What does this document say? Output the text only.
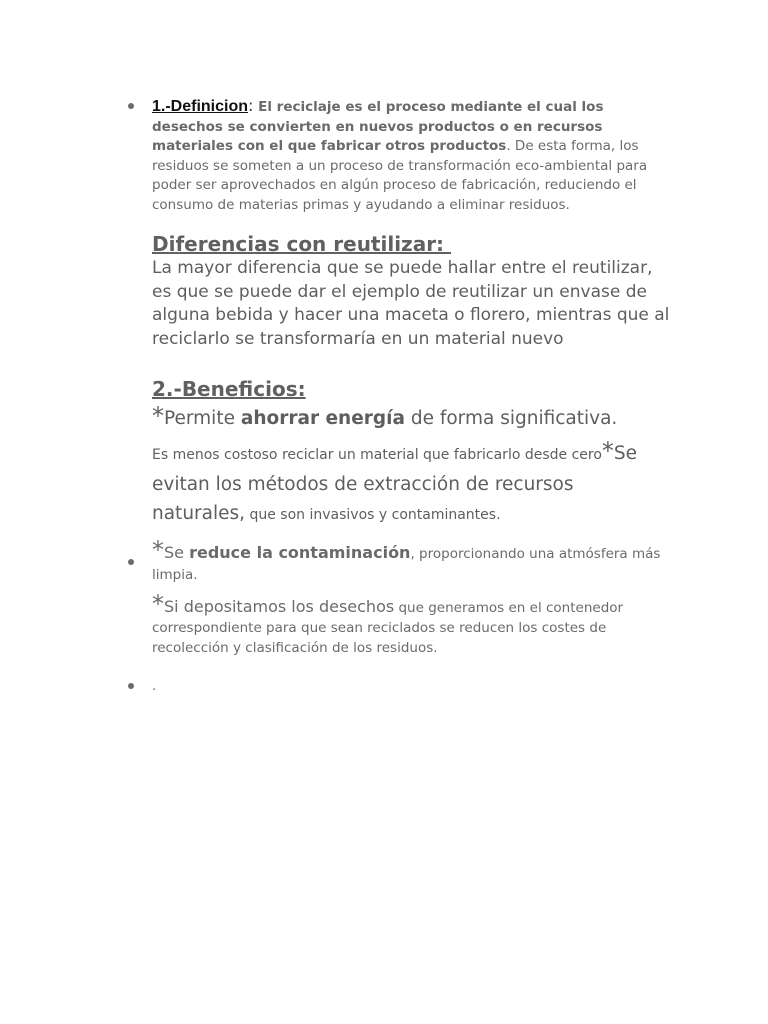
1.-Definicion: El reciclaje es el proceso mediante el cual los desechos se convierten en nuevos productos o en recursos materiales con el que fabricar otros productos. De esta forma, los residuos se someten a un proceso de transformación eco-ambiental para poder ser aprovechados en algún proceso de fabricación, reduciendo el consumo de materias primas y ayudando a eliminar residuos.
Diferencias con reutilizar:
La mayor diferencia que se puede hallar entre el reutilizar, es que se puede dar el ejemplo de reutilizar un envase de alguna bebida y hacer una maceta o florero, mientras que al reciclarlo se transformaría en un material nuevo
2.-Beneficios:
*Permite ahorrar energía de forma significativa.
Es menos costoso reciclar un material que fabricarlo desde cero*Se evitan los métodos de extracción de recursos naturales, que son invasivos y contaminantes.
*Se reduce la contaminación, proporcionando una atmósfera más limpia.
*Si depositamos los desechos que generamos en el contenedor correspondiente para que sean reciclados se reducen los costes de recolección y clasificación de los residuos.
.
